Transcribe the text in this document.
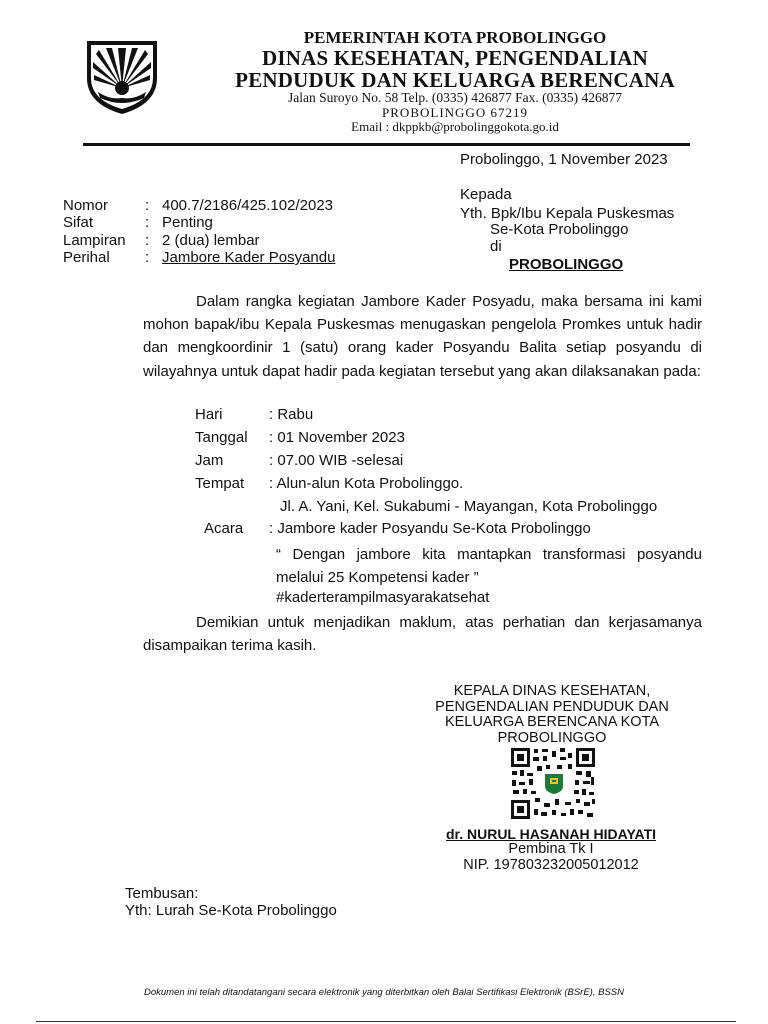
PEMERINTAH KOTA PROBOLINGGO
DINAS KESEHATAN, PENGENDALIAN
PENDUDUK DAN KELUARGA BERENCANA
Jalan Suroyo No. 58 Telp. (0335) 426877 Fax. (0335) 426877
PROBOLINGGO 67219
Email : dkppkb@probolinggokota.go.id
Probolinggo, 1 November 2023
Nomor : 400.7/2186/425.102/2023
Sifat	: Penting
Lampiran : 2 (dua) lembar
Perihal : Jambore Kader Posyandu
Kepada
Yth. Bpk/Ibu Kepala Puskesmas
Se-Kota Probolinggo
di
PROBOLINGGO
Dalam rangka kegiatan Jambore Kader Posyadu, maka bersama ini kami mohon bapak/ibu Kepala Puskesmas menugaskan pengelola Promkes untuk hadir dan mengkoordinir 1 (satu) orang kader Posyandu Balita setiap posyandu di wilayahnya untuk dapat hadir pada kegiatan tersebut yang akan dilaksanakan pada:
Hari	: Rabu
Tanggal : 01 November 2023
Jam	: 07.00 WIB -selesai
Tempat : Alun-alun Kota Probolinggo.
Jl. A. Yani, Kel. Sukabumi - Mayangan, Kota Probolinggo
Acara : Jambore kader Posyandu Se-Kota Probolinggo
“ Dengan jambore kita mantapkan transformasi posyandu melalui 25 Kompetensi kader ”
#kaderterampilmasyarakatsehat
Demikian untuk menjadikan maklum, atas perhatian dan kerjasamanya disampaikan terima kasih.
KEPALA DINAS KESEHATAN,
PENGENDALIAN PENDUDUK DAN
KELUARGA BERENCANA KOTA
PROBOLINGGO
dr. NURUL HASANAH HIDAYATI
Pembina Tk I
NIP. 197803232005012012
Tembusan:
Yth: Lurah Se-Kota Probolinggo
Dokumen ini telah ditandatangani secara elektronik yang diterbitkan oleh Balai Sertifikasi Elektronik (BSrE), BSSN
